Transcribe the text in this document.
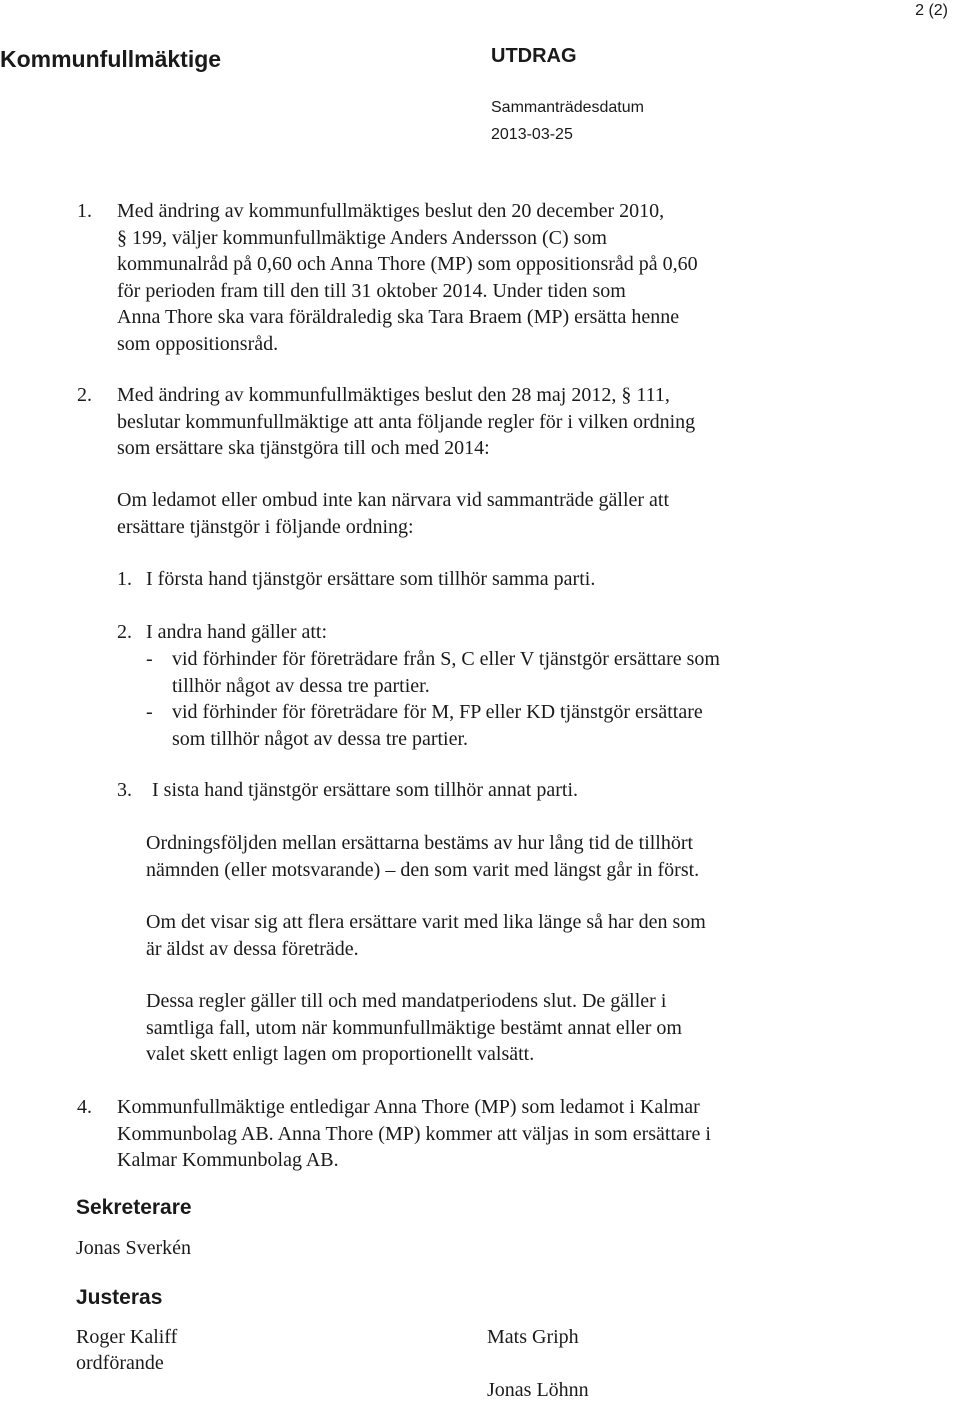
2 (2)
Kommunfullmäktige	UTDRAG
Sammanträdesdatum
2013-03-25
1. Med ändring av kommunfullmäktiges beslut den 20 december 2010,
§ 199, väljer kommunfullmäktige Anders Andersson (C) som
kommunalråd på 0,60 och Anna Thore (MP) som oppositionsråd på 0,60
för perioden fram till den till 31 oktober 2014. Under tiden som
Anna Thore ska vara föräldraledig ska Tara Braem (MP) ersätta henne
som oppositionsråd.
2. Med ändring av kommunfullmäktiges beslut den 28 maj 2012, § 111,
beslutar kommunfullmäktige att anta följande regler för i vilken ordning
som ersättare ska tjänstgöra till och med 2014:
Om ledamot eller ombud inte kan närvara vid sammanträde gäller att
ersättare tjänstgör i följande ordning:
1. I första hand tjänstgör ersättare som tillhör samma parti.
2. I andra hand gäller att:
- vid förhinder för företrädare från S, C eller V tjänstgör ersättare som
tillhör något av dessa tre partier.
- vid förhinder för företrädare för M, FP eller KD tjänstgör ersättare
som tillhör något av dessa tre partier.
3. I sista hand tjänstgör ersättare som tillhör annat parti.
Ordningsföljden mellan ersättarna bestäms av hur lång tid de tillhört
nämnden (eller motsvarande) – den som varit med längst går in först.
Om det visar sig att flera ersättare varit med lika länge så har den som
är äldst av dessa företräde.
Dessa regler gäller till och med mandatperiodens slut. De gäller i
samtliga fall, utom när kommunfullmäktige bestämt annat eller om
valet skett enligt lagen om proportionellt valsätt.
4. Kommunfullmäktige entledigar Anna Thore (MP) som ledamot i Kalmar
Kommunbolag AB. Anna Thore (MP) kommer att väljas in som ersättare i
Kalmar Kommunbolag AB.
Sekreterare
Jonas Sverkén
Justeras
Roger Kaliff
ordförande
Mats Griph
Jonas Löhnn
